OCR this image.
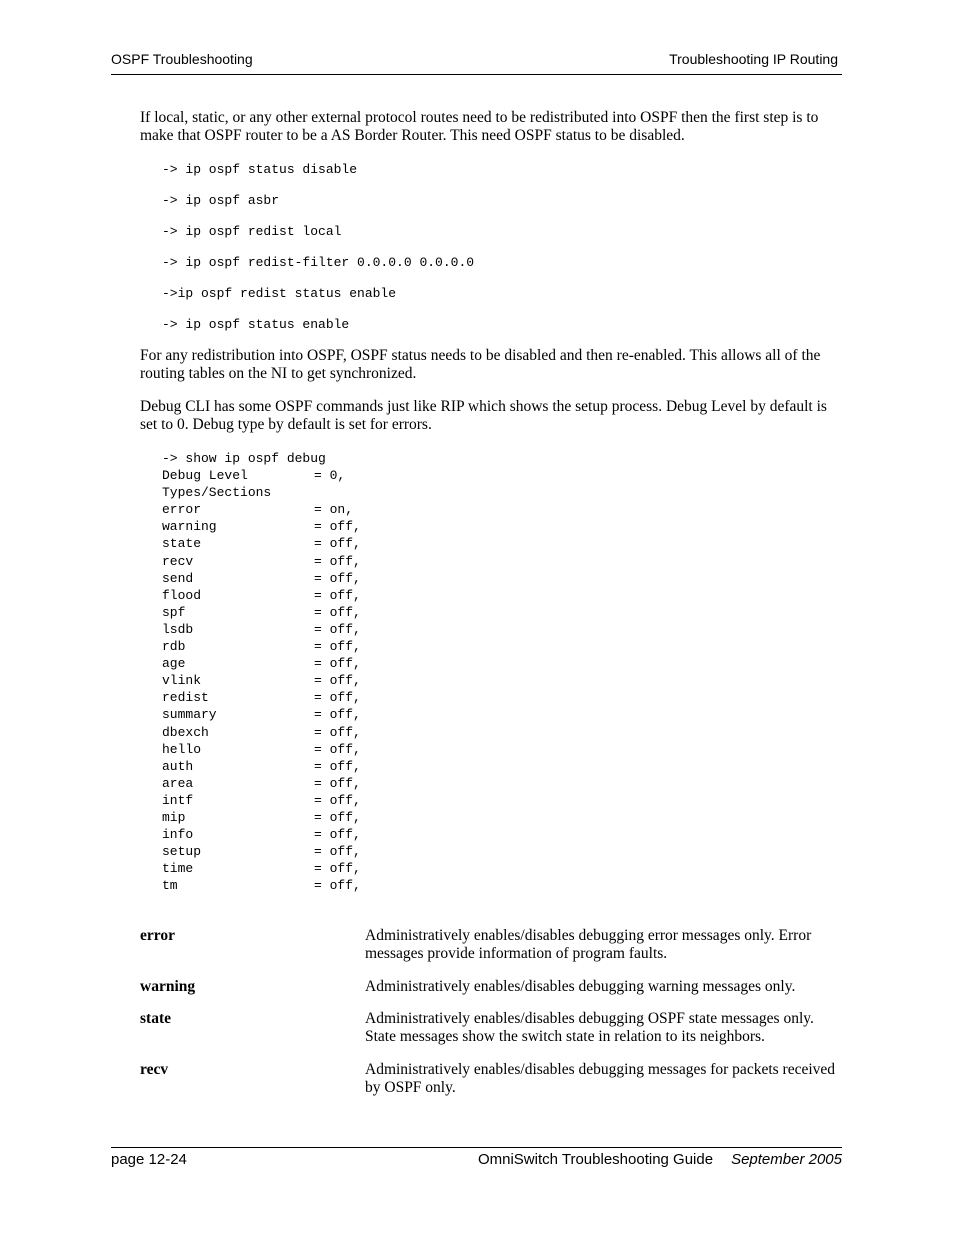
OSPF Troubleshooting	Troubleshooting IP Routing

If local, static, or any other external protocol routes need to be redistributed into OSPF then the first step is to make that OSPF router to be a AS Border Router. This need OSPF status to be disabled.

-> ip ospf status disable
-> ip ospf asbr
-> ip ospf redist local
-> ip ospf redist-filter 0.0.0.0 0.0.0.0
->ip ospf redist status enable
-> ip ospf status enable

For any redistribution into OSPF, OSPF status needs to be disabled and then re-enabled. This allows all of the routing tables on the NI to get synchronized.

Debug CLI has some OSPF commands just like RIP which shows the setup process. Debug Level by default is set to 0. Debug type by default is set for errors.

-> show ip ospf debug
Debug Level	= 0,
Types/Sections
error	= on,
warning	= off,
state	= off,
recv	= off,
send	= off,
flood	= off,
spf	= off,
lsdb	= off,
rdb	= off,
age	= off,
vlink	= off,
redist	= off,
summary	= off,
dbexch	= off,
hello	= off,
auth	= off,
area	= off,
intf	= off,
mip	= off,
info	= off,
setup	= off,
time	= off,
tm	= off,
error	Administratively enables/disables debugging error messages only. Error messages provide information of program faults.
warning	Administratively enables/disables debugging warning messages only.
state	Administratively enables/disables debugging OSPF state messages only. State messages show the switch state in relation to its neighbors.
recv	Administratively enables/disables debugging messages for packets received by OSPF only.
page 12-24	OmniSwitch Troubleshooting Guide September 2005
